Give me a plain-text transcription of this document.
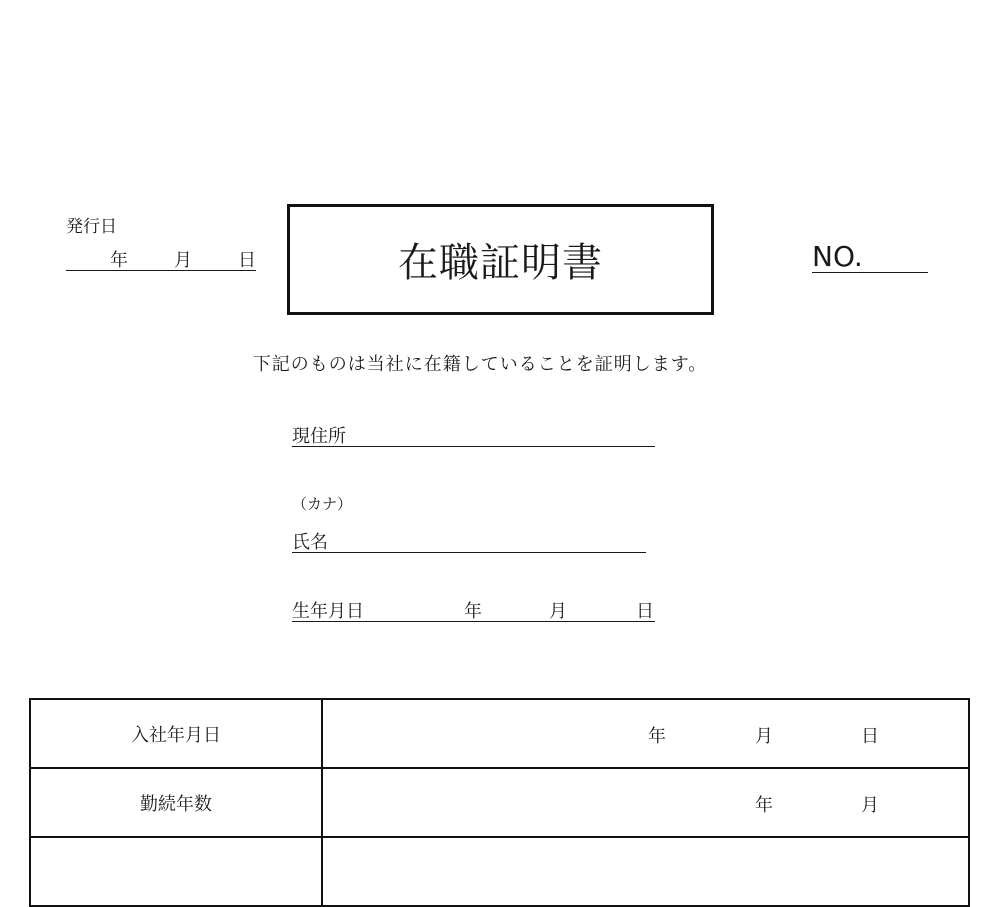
発行日
年	月	日	在職証明書	NO.
下記のものは当社に在籍していることを証明します。
現住所
（カナ）
氏名
生年月日	年	月	日
入社年月日	年 月 日

勤続年数	年 月
